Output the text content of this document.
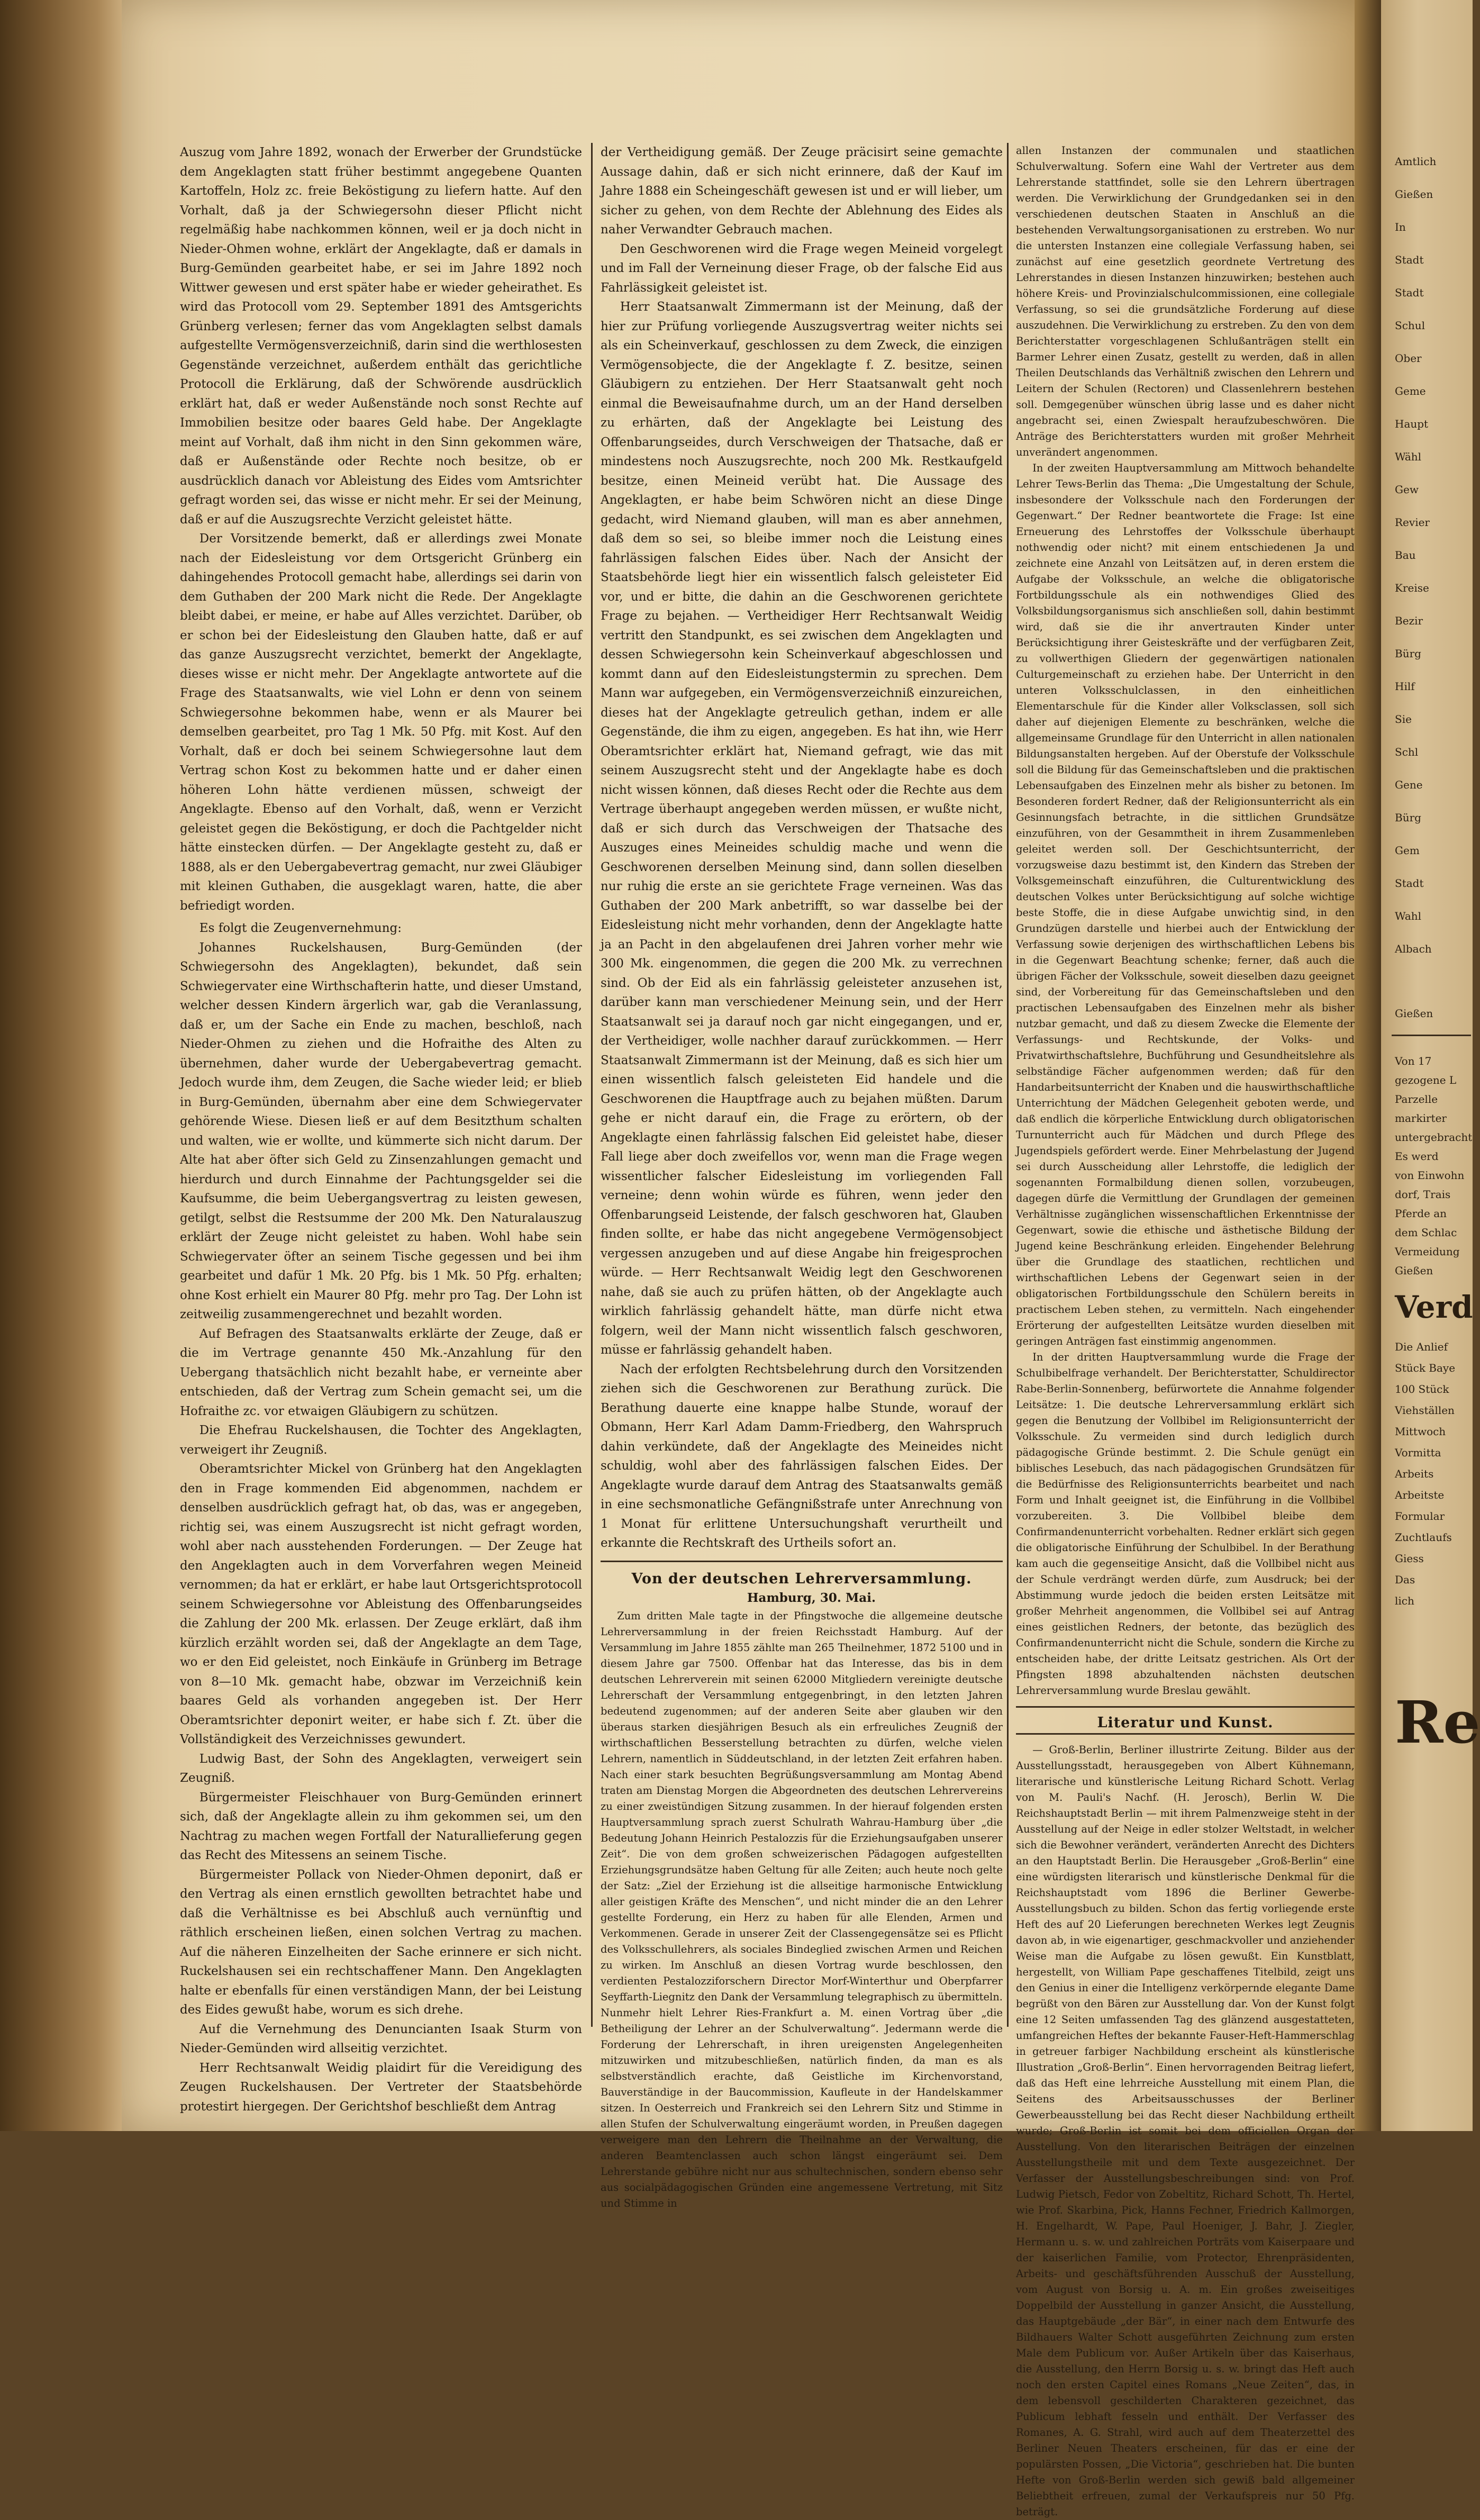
Auszug vom Jahre 1892, wonach der Erwerber der Grundstücke dem Angeklagten statt früher bestimmt angegebene Quanten Kartoffeln, Holz zc. freie Beköstigung zu liefern hatte. Auf den Vorhalt, daß ja der Schwiegersohn dieser Pflicht nicht regelmäßig habe nachkommen können, weil er ja doch nicht in Nieder-Ohmen wohne, erklärt der Angeklagte, daß er damals in Burg-Gemünden gearbeitet habe, er sei im Jahre 1892 noch Wittwer gewesen und erst später habe er wieder geheirathet. Es wird das Protocoll vom 29. September 1891 des Amtsgerichts Grünberg verlesen; ferner das vom Angeklagten selbst damals aufgestellte Vermögensverzeichniß, darin sind die werthlosesten Gegenstände verzeichnet, außerdem enthält das gerichtliche Protocoll die Erklärung, daß der Schwörende ausdrücklich erklärt hat, daß er weder Außenstände noch sonst Rechte auf Immobilien besitze oder baares Geld habe. Der Angeklagte meint auf Vorhalt, daß ihm nicht in den Sinn gekommen wäre, daß er Außenstände oder Rechte noch besitze, ob er ausdrücklich danach vor Ableistung des Eides vom Amtsrichter gefragt worden sei, das wisse er nicht mehr. Er sei der Meinung, daß er auf die Auszugsrechte Verzicht geleistet hätte.

Der Vorsitzende bemerkt, daß er allerdings zwei Monate nach der Eidesleistung vor dem Ortsgericht Grünberg ein dahingehendes Protocoll gemacht habe, allerdings sei darin von dem Guthaben der 200 Mark nicht die Rede. Der Angeklagte bleibt dabei, er meine, er habe auf Alles verzichtet. Darüber, ob er schon bei der Eidesleistung den Glauben hatte, daß er auf das ganze Auszugsrecht verzichtet, bemerkt der Angeklagte, dieses wisse er nicht mehr. Der Angeklagte antwortete auf die Frage des Staatsanwalts, wie viel Lohn er denn von seinem Schwiegersohne bekommen habe, wenn er als Maurer bei demselben gearbeitet, pro Tag 1 Mk. 50 Pfg. mit Kost. Auf den Vorhalt, daß er doch bei seinem Schwiegersohne laut dem Vertrag schon Kost zu bekommen hatte und er daher einen höheren Lohn hätte verdienen müssen, schweigt der Angeklagte. Ebenso auf den Vorhalt, daß, wenn er Verzicht geleistet gegen die Beköstigung, er doch die Pachtgelder nicht hätte einstecken dürfen. — Der Angeklagte gesteht zu, daß er 1888, als er den Uebergabevertrag gemacht, nur zwei Gläubiger mit kleinen Guthaben, die ausgeklagt waren, hatte, die aber befriedigt worden.

Es folgt die Zeugenvernehmung:

Johannes Ruckelshausen, Burg-Gemünden (der Schwiegersohn des Angeklagten), bekundet, daß sein Schwiegervater eine Wirthschafterin hatte, und dieser Umstand, welcher dessen Kindern ärgerlich war, gab die Veranlassung, daß er, um der Sache ein Ende zu machen, beschloß, nach Nieder-Ohmen zu ziehen und die Hofraithe des Alten zu übernehmen, daher wurde der Uebergabevertrag gemacht. Jedoch wurde ihm, dem Zeugen, die Sache wieder leid; er blieb in Burg-Gemünden, übernahm aber eine dem Schwiegervater gehörende Wiese. Diesen ließ er auf dem Besitzthum schalten und walten, wie er wollte, und kümmerte sich nicht darum. Der Alte hat aber öfter sich Geld zu Zinsenzahlungen gemacht und hierdurch und durch Einnahme der Pachtungsgelder sei die Kaufsumme, die beim Uebergangsvertrag zu leisten gewesen, getilgt, selbst die Restsumme der 200 Mk. Den Naturalauszug erklärt der Zeuge nicht geleistet zu haben. Wohl habe sein Schwiegervater öfter an seinem Tische gegessen und bei ihm gearbeitet und dafür 1 Mk. 20 Pfg. bis 1 Mk. 50 Pfg. erhalten; ohne Kost erhielt ein Maurer 80 Pfg. mehr pro Tag. Der Lohn ist zeitweilig zusammengerechnet und bezahlt worden.

Auf Befragen des Staatsanwalts erklärte der Zeuge, daß er die im Vertrage genannte 450 Mk.-Anzahlung für den Uebergang thatsächlich nicht bezahlt habe, er verneinte aber entschieden, daß der Vertrag zum Schein gemacht sei, um die Hofraithe zc. vor etwaigen Gläubigern zu schützen.

Die Ehefrau Ruckelshausen, die Tochter des Angeklagten, verweigert ihr Zeugniß.

Oberamtsrichter Mickel von Grünberg hat den Angeklagten den in Frage kommenden Eid abgenommen, nachdem er denselben ausdrücklich gefragt hat, ob das, was er angegeben, richtig sei, was einem Auszugsrecht ist nicht gefragt worden, wohl aber nach ausstehenden Forderungen. — Der Zeuge hat den Angeklagten auch in dem Vorverfahren wegen Meineid vernommen; da hat er erklärt, er habe laut Ortsgerichtsprotocoll seinem Schwiegersohne vor Ableistung des Offenbarungseides die Zahlung der 200 Mk. erlassen. Der Zeuge erklärt, daß ihm kürzlich erzählt worden sei, daß der Angeklagte an dem Tage, wo er den Eid geleistet, noch Einkäufe in Grünberg im Betrage von 8—10 Mk. gemacht habe, obzwar im Verzeichniß kein baares Geld als vorhanden angegeben ist. Der Herr Oberamtsrichter deponirt weiter, er habe sich f. Zt. über die Vollständigkeit des Verzeichnisses gewundert.

Ludwig Bast, der Sohn des Angeklagten, verweigert sein Zeugniß.

Bürgermeister Fleischhauer von Burg-Gemünden erinnert sich, daß der Angeklagte allein zu ihm gekommen sei, um den Nachtrag zu machen wegen Fortfall der Naturallieferung gegen das Recht des Mitessens an seinem Tische.

Bürgermeister Pollack von Nieder-Ohmen deponirt, daß er den Vertrag als einen ernstlich gewollten betrachtet habe und daß die Verhältnisse es bei Abschluß auch vernünftig und räthlich erscheinen ließen, einen solchen Vertrag zu machen. Auf die näheren Einzelheiten der Sache erinnere er sich nicht. Ruckelshausen sei ein rechtschaffener Mann. Den Angeklagten halte er ebenfalls für einen verständigen Mann, der bei Leistung des Eides gewußt habe, worum es sich drehe.

Auf die Vernehmung des Denuncianten Isaak Sturm von Nieder-Gemünden wird allseitig verzichtet.

Herr Rechtsanwalt Weidig plaidirt für die Vereidigung des Zeugen Ruckelshausen. Der Vertreter der Staatsbehörde protestirt hiergegen. Der Gerichtshof beschließt dem Antrag

der Vertheidigung gemäß. Der Zeuge präcisirt seine gemachte Aussage dahin, daß er sich nicht erinnere, daß der Kauf im Jahre 1888 ein Scheingeschäft gewesen ist und er will lieber, um sicher zu gehen, von dem Rechte der Ablehnung des Eides als naher Verwandter Gebrauch machen.

Den Geschworenen wird die Frage wegen Meineid vorgelegt und im Fall der Verneinung dieser Frage, ob der falsche Eid aus Fahrlässigkeit geleistet ist.

Herr Staatsanwalt Zimmermann ist der Meinung, daß der hier zur Prüfung vorliegende Auszugsvertrag weiter nichts sei als ein Scheinverkauf, geschlossen zu dem Zweck, die einzigen Vermögensobjecte, die der Angeklagte f. Z. besitze, seinen Gläubigern zu entziehen. Der Herr Staatsanwalt geht noch einmal die Beweisaufnahme durch, um an der Hand derselben zu erhärten, daß der Angeklagte bei Leistung des Offenbarungseides, durch Verschweigen der Thatsache, daß er mindestens noch Auszugsrechte, noch 200 Mk. Restkaufgeld besitze, einen Meineid verübt hat. Die Aussage des Angeklagten, er habe beim Schwören nicht an diese Dinge gedacht, wird Niemand glauben, will man es aber annehmen, daß dem so sei, so bleibe immer noch die Leistung eines fahrlässigen falschen Eides über. Nach der Ansicht der Staatsbehörde liegt hier ein wissentlich falsch geleisteter Eid vor, und er bitte, die dahin an die Geschworenen gerichtete Frage zu bejahen. — Vertheidiger Herr Rechtsanwalt Weidig vertritt den Standpunkt, es sei zwischen dem Angeklagten und dessen Schwiegersohn kein Scheinverkauf abgeschlossen und kommt dann auf den Eidesleistungstermin zu sprechen. Dem Mann war aufgegeben, ein Vermögensverzeichniß einzureichen, dieses hat der Angeklagte getreulich gethan, indem er alle Gegenstände, die ihm zu eigen, angegeben. Es hat ihn, wie Herr Oberamtsrichter erklärt hat, Niemand gefragt, wie das mit seinem Auszugsrecht steht und der Angeklagte habe es doch nicht wissen können, daß dieses Recht oder die Rechte aus dem Vertrage überhaupt angegeben werden müssen, er wußte nicht, daß er sich durch das Verschweigen der Thatsache des Auszuges eines Meineides schuldig mache und wenn die Geschworenen derselben Meinung sind, dann sollen dieselben nur ruhig die erste an sie gerichtete Frage verneinen. Was das Guthaben der 200 Mark anbetrifft, so war dasselbe bei der Eidesleistung nicht mehr vorhanden, denn der Angeklagte hatte ja an Pacht in den abgelaufenen drei Jahren vorher mehr wie 300 Mk. eingenommen, die gegen die 200 Mk. zu verrechnen sind. Ob der Eid als ein fahrlässig geleisteter anzusehen ist, darüber kann man verschiedener Meinung sein, und der Herr Staatsanwalt sei ja darauf noch gar nicht eingegangen, und er, der Vertheidiger, wolle nachher darauf zurückkommen. — Herr Staatsanwalt Zimmermann ist der Meinung, daß es sich hier um einen wissentlich falsch geleisteten Eid handele und die Geschworenen die Hauptfrage auch zu bejahen müßten. Darum gehe er nicht darauf ein, die Frage zu erörtern, ob der Angeklagte einen fahrlässig falschen Eid geleistet habe, dieser Fall liege aber doch zweifellos vor, wenn man die Frage wegen wissentlicher falscher Eidesleistung im vorliegenden Fall verneine; denn wohin würde es führen, wenn jeder den Offenbarungseid Leistende, der falsch geschworen hat, Glauben finden sollte, er habe das nicht angegebene Vermögensobject vergessen anzugeben und auf diese Angabe hin freigesprochen würde. — Herr Rechtsanwalt Weidig legt den Geschworenen nahe, daß sie auch zu prüfen hätten, ob der Angeklagte auch wirklich fahrlässig gehandelt hätte, man dürfe nicht etwa folgern, weil der Mann nicht wissentlich falsch geschworen, müsse er fahrlässig gehandelt haben.

Nach der erfolgten Rechtsbelehrung durch den Vorsitzenden ziehen sich die Geschworenen zur Berathung zurück. Die Berathung dauerte eine knappe halbe Stunde, worauf der Obmann, Herr Karl Adam Damm-Friedberg, den Wahrspruch dahin verkündete, daß der Angeklagte des Meineides nicht schuldig, wohl aber des fahrlässigen falschen Eides. Der Angeklagte wurde darauf dem Antrag des Staatsanwalts gemäß in eine sechsmonatliche Gefängnißstrafe unter Anrechnung von 1 Monat für erlittene Untersuchungshaft verurtheilt und erkannte die Rechtskraft des Urtheils sofort an.

Von der deutschen Lehrerversammlung.

Hamburg, 30. Mai.

Zum dritten Male tagte in der Pfingstwoche die allgemeine deutsche Lehrerversammlung in der freien Reichsstadt Hamburg. Auf der Versammlung im Jahre 1855 zählte man 265 Theilnehmer, 1872 5100 und in diesem Jahre gar 7500. Offenbar hat das Interesse, das bis in dem deutschen Lehrerverein mit seinen 62000 Mitgliedern vereinigte deutsche Lehrerschaft der Versammlung entgegenbringt, in den letzten Jahren bedeutend zugenommen; auf der anderen Seite aber glauben wir den überaus starken diesjährigen Besuch als ein erfreuliches Zeugniß der wirthschaftlichen Besserstellung betrachten zu dürfen, welche vielen Lehrern, namentlich in Süddeutschland, in der letzten Zeit erfahren haben. Nach einer stark besuchten Begrüßungsversammlung am Montag Abend traten am Dienstag Morgen die Abgeordneten des deutschen Lehrervereins zu einer zweistündigen Sitzung zusammen. In der hierauf folgenden ersten Hauptversammlung sprach zuerst Schulrath Wahrau-Hamburg über „die Bedeutung Johann Heinrich Pestalozzis für die Erziehungsaufgaben unserer Zeit“. Die von dem großen schweizerischen Pädagogen aufgestellten Erziehungsgrundsätze haben Geltung für alle Zeiten; auch heute noch gelte der Satz: „Ziel der Erziehung ist die allseitige harmonische Entwicklung aller geistigen Kräfte des Menschen“, und nicht minder die an den Lehrer gestellte Forderung, ein Herz zu haben für alle Elenden, Armen und Verkommenen. Gerade in unserer Zeit der Classengegensätze sei es Pflicht des Volksschullehrers, als sociales Bindeglied zwischen Armen und Reichen zu wirken. Im Anschluß an diesen Vortrag wurde beschlossen, den verdienten Pestalozziforschern Director Morf-Winterthur und Oberpfarrer Seyffarth-Liegnitz den Dank der Versammlung telegraphisch zu übermitteln. Nunmehr hielt Lehrer Ries-Frankfurt a. M. einen Vortrag über „die Betheiligung der Lehrer an der Schulverwaltung“. Jedermann werde die Forderung der Lehrerschaft, in ihren ureigensten Angelegenheiten mitzuwirken und mitzubeschließen, natürlich finden, da man es als selbstverständlich erachte, daß Geistliche im Kirchenvorstand, Bauverständige in der Baucommission, Kaufleute in der Handelskammer sitzen. In Oesterreich und Frankreich sei den Lehrern Sitz und Stimme in allen Stufen der Schulverwaltung eingeräumt worden, in Preußen dagegen verweigere man den Lehrern die Theilnahme an der Verwaltung, die anderen Beamtenclassen auch schon längst eingeräumt sei. Dem Lehrerstande gebühre nicht nur aus schultechnischen, sondern ebenso sehr aus socialpädagogischen Gründen eine angemessene Vertretung, mit Sitz und Stimme in

allen Instanzen der communalen und staatlichen Schulverwaltung. Sofern eine Wahl der Vertreter aus dem Lehrerstande stattfindet, solle sie den Lehrern übertragen werden. Die Verwirklichung der Grundgedanken sei in den verschiedenen deutschen Staaten in Anschluß an die bestehenden Verwaltungsorganisationen zu erstreben. Wo nur die untersten Instanzen eine collegiale Verfassung haben, sei zunächst auf eine gesetzlich geordnete Vertretung des Lehrerstandes in diesen Instanzen hinzuwirken; bestehen auch höhere Kreis- und Provinzialschulcommissionen, eine collegiale Verfassung, so sei die grundsätzliche Forderung auf diese auszudehnen. Die Verwirklichung zu erstreben. Zu den von dem Berichterstatter vorgeschlagenen Schlußanträgen stellt ein Barmer Lehrer einen Zusatz, gestellt zu werden, daß in allen Theilen Deutschlands das Verhältniß zwischen den Lehrern und Leitern der Schulen (Rectoren) und Classenlehrern bestehen soll. Demgegenüber wünschen übrig lasse und es daher nicht angebracht sei, einen Zwiespalt heraufzubeschwören. Die Anträge des Berichterstatters wurden mit großer Mehrheit unverändert angenommen.

In der zweiten Hauptversammlung am Mittwoch behandelte Lehrer Tews-Berlin das Thema: „Die Umgestaltung der Schule, insbesondere der Volksschule nach den Forderungen der Gegenwart.“ Der Redner beantwortete die Frage: Ist eine Erneuerung des Lehrstoffes der Volksschule überhaupt nothwendig oder nicht? mit einem entschiedenen Ja und zeichnete eine Anzahl von Leitsätzen auf, in deren erstem die Aufgabe der Volksschule, an welche die obligatorische Fortbildungsschule als ein nothwendiges Glied des Volksbildungsorganismus sich anschließen soll, dahin bestimmt wird, daß sie die ihr anvertrauten Kinder unter Berücksichtigung ihrer Geisteskräfte und der verfügbaren Zeit, zu vollwerthigen Gliedern der gegenwärtigen nationalen Culturgemeinschaft zu erziehen habe. Der Unterricht in den unteren Volksschulclassen, in den einheitlichen Elementarschule für die Kinder aller Volksclassen, soll sich daher auf diejenigen Elemente zu beschränken, welche die allgemeinsame Grundlage für den Unterricht in allen nationalen Bildungsanstalten hergeben. Auf der Oberstufe der Volksschule soll die Bildung für das Gemeinschaftsleben und die praktischen Lebensaufgaben des Einzelnen mehr als bisher zu betonen. Im Besonderen fordert Redner, daß der Religionsunterricht als ein Gesinnungsfach betrachte, in die sittlichen Grundsätze einzuführen, von der Gesammtheit in ihrem Zusammenleben geleitet werden soll. Der Geschichtsunterricht, der vorzugsweise dazu bestimmt ist, den Kindern das Streben der Volksgemeinschaft einzuführen, die Culturentwicklung des deutschen Volkes unter Berücksichtigung auf solche wichtige beste Stoffe, die in diese Aufgabe unwichtig sind, in den Grundzügen darstelle und hierbei auch der Entwicklung der Verfassung sowie derjenigen des wirthschaftlichen Lebens bis in die Gegenwart Beachtung schenke; ferner, daß auch die übrigen Fächer der Volksschule, soweit dieselben dazu geeignet sind, der Vorbereitung für das Gemeinschaftsleben und den practischen Lebensaufgaben des Einzelnen mehr als bisher nutzbar gemacht, und daß zu diesem Zwecke die Elemente der Verfassungs- und Rechtskunde, der Volks- und Privatwirthschaftslehre, Buchführung und Gesundheitslehre als selbständige Fächer aufgenommen werden; daß für den Handarbeitsunterricht der Knaben und die hauswirthschaftliche Unterrichtung der Mädchen Gelegenheit geboten werde, und daß endlich die körperliche Entwicklung durch obligatorischen Turnunterricht auch für Mädchen und durch Pflege des Jugendspiels gefördert werde. Einer Mehrbelastung der Jugend sei durch Ausscheidung aller Lehrstoffe, die lediglich der sogenannten Formalbildung dienen sollen, vorzubeugen, dagegen dürfe die Vermittlung der Grundlagen der gemeinen Verhältnisse zugänglichen wissenschaftlichen Erkenntnisse der Gegenwart, sowie die ethische und ästhetische Bildung der Jugend keine Beschränkung erleiden. Eingehender Belehrung über die Grundlage des staatlichen, rechtlichen und wirthschaftlichen Lebens der Gegenwart seien in der obligatorischen Fortbildungsschule den Schülern bereits in practischem Leben stehen, zu vermitteln. Nach eingehender Erörterung der aufgestellten Leitsätze wurden dieselben mit geringen Anträgen fast einstimmig angenommen.

In der dritten Hauptversammlung wurde die Frage der Schulbibelfrage verhandelt. Der Berichterstatter, Schuldirector Rabe-Berlin-Sonnenberg, befürwortete die Annahme folgender Leitsätze: 1. Die deutsche Lehrerversammlung erklärt sich gegen die Benutzung der Vollbibel im Religionsunterricht der Volksschule. Zu vermeiden sind durch lediglich durch pädagogische Gründe bestimmt. 2. Die Schule genügt ein biblisches Lesebuch, das nach pädagogischen Grundsätzen für die Bedürfnisse des Religionsunterrichts bearbeitet und nach Form und Inhalt geeignet ist, die Einführung in die Vollbibel vorzubereiten. 3. Die Vollbibel bleibe dem Confirmandenunterricht vorbehalten. Redner erklärt sich gegen die obligatorische Einführung der Schulbibel. In der Berathung kam auch die gegenseitige Ansicht, daß die Vollbibel nicht aus der Schule verdrängt werden dürfe, zum Ausdruck; bei der Abstimmung wurde jedoch die beiden ersten Leitsätze mit großer Mehrheit angenommen, die Vollbibel sei auf Antrag eines geistlichen Redners, der betonte, das bezüglich des Confirmandenunterricht nicht die Schule, sondern die Kirche zu entscheiden habe, der dritte Leitsatz gestrichen. Als Ort der Pfingsten 1898 abzuhaltenden nächsten deutschen Lehrerversammlung wurde Breslau gewählt.

Literatur und Kunst.

— Groß-Berlin, Berliner illustrirte Zeitung. Bilder aus der Ausstellungsstadt, herausgegeben von Albert Kühnemann, literarische und künstlerische Leitung Richard Schott. Verlag von M. Pauli's Nachf. (H. Jerosch), Berlin W. Die Reichshauptstadt Berlin — mit ihrem Palmenzweige steht in der Ausstellung auf der Neige in edler stolzer Weltstadt, in welcher sich die Bewohner verändert, veränderten Anrecht des Dichters an den Hauptstadt Berlin. Die Herausgeber „Groß-Berlin“ eine eine würdigsten literarisch und künstlerische Denkmal für die Reichshauptstadt vom 1896 die Berliner Gewerbe-Ausstellungsbuch zu bilden. Schon das fertig vorliegende erste Heft des auf 20 Lieferungen berechneten Werkes legt Zeugnis davon ab, in wie eigenartiger, geschmackvoller und anziehender Weise man die Aufgabe zu lösen gewußt. Ein Kunstblatt, hergestellt, von William Pape geschaffenes Titelbild, zeigt uns den Genius in einer die Intelligenz verkörpernde elegante Dame begrüßt von den Bären zur Ausstellung dar. Von der Kunst folgt eine 12 Seiten umfassenden Tag des glänzend ausgestatteten, umfangreichen Heftes der bekannte Fauser-Heft-Hammerschlag in getreuer farbiger Nachbildung erscheint als künstlerische Illustration „Groß-Berlin“. Einen hervorragenden Beitrag liefert, daß das Heft eine lehrreiche Ausstellung mit einem Plan, die Seitens des Arbeitsausschusses der Berliner Gewerbeausstellung bei das Recht dieser Nachbildung ertheilt wurde; Groß-Berlin ist somit bei dem officiellen Organ der Ausstellung. Von den literarischen Beiträgen der einzelnen Ausstellungstheile mit und dem Texte ausgezeichnet. Der Verfasser der Ausstellungsbeschreibungen sind: von Prof. Ludwig Pietsch, Fedor von Zobeltitz, Richard Schott, Th. Hertel, wie Prof. Skarbina, Pick, Hanns Fechner, Friedrich Kallmorgen, H. Engelhardt, W. Pape, Paul Hoeniger, J. Bahr, J. Ziegler, Hermann u. s. w. und zahlreichen Porträts vom Kaiserpaare und der kaiserlichen Familie, vom Protector, Ehrenpräsidenten, Arbeits- und geschäftsführenden Ausschuß der Ausstellung, vom August von Borsig u. A. m. Ein großes zweiseitiges Doppelbild der Ausstellung in ganzer Ansicht, die Ausstellung, das Hauptgebäude „der Bär“, in einer nach dem Entwurfe des Bildhauers Walter Schott ausgeführten Zeichnung zum ersten Male dem Publicum vor. Außer Artikeln über das Kaiserhaus, die Ausstellung, den Herrn Borsig u. s. w. bringt das Heft auch noch den ersten Capitel eines Romans „Neue Zeiten“, das, in dem lebensvoll geschilderten Charakteren gezeichnet, das Publicum lebhaft fesseln und enthält. Der Verfasser des Romanes, A. G. Strahl, wird auch auf dem Theaterzettel des Berliner Neuen Theaters erscheinen, für das er eine der populärsten Possen, „Die Victoria“, geschrieben hat. Die bunten Hefte von Groß-Berlin werden sich gewiß bald allgemeiner Beliebtheit erfreuen, zumal der Verkaufspreis nur 50 Pfg. beträgt.

Amtlich
Gießen
In
Stadt
Stadt
Schul
Ober
Geme
Haupt
Wähl
Gew
Revier
Bau
Kreise
Bezir
Bürg
Hilf
Sie
Schl
Gene
Bürg
Gem
Stadt
Wahl
Albach
Gießen
Verd
Von 17
gezogene L
Parzelle
markirter
untergebracht
Es werd
von Einwohn
dorf, Trais
Pferde an
dem Schlac
Vermeidung
Gießen
Die Anlief
Stück Baye
100 Stück
Viehställen
Mittwoch
Vormitta
Arbeits
Arbeitste
Formular
Zuchtlaufs
Giess
Das
lich
Re
